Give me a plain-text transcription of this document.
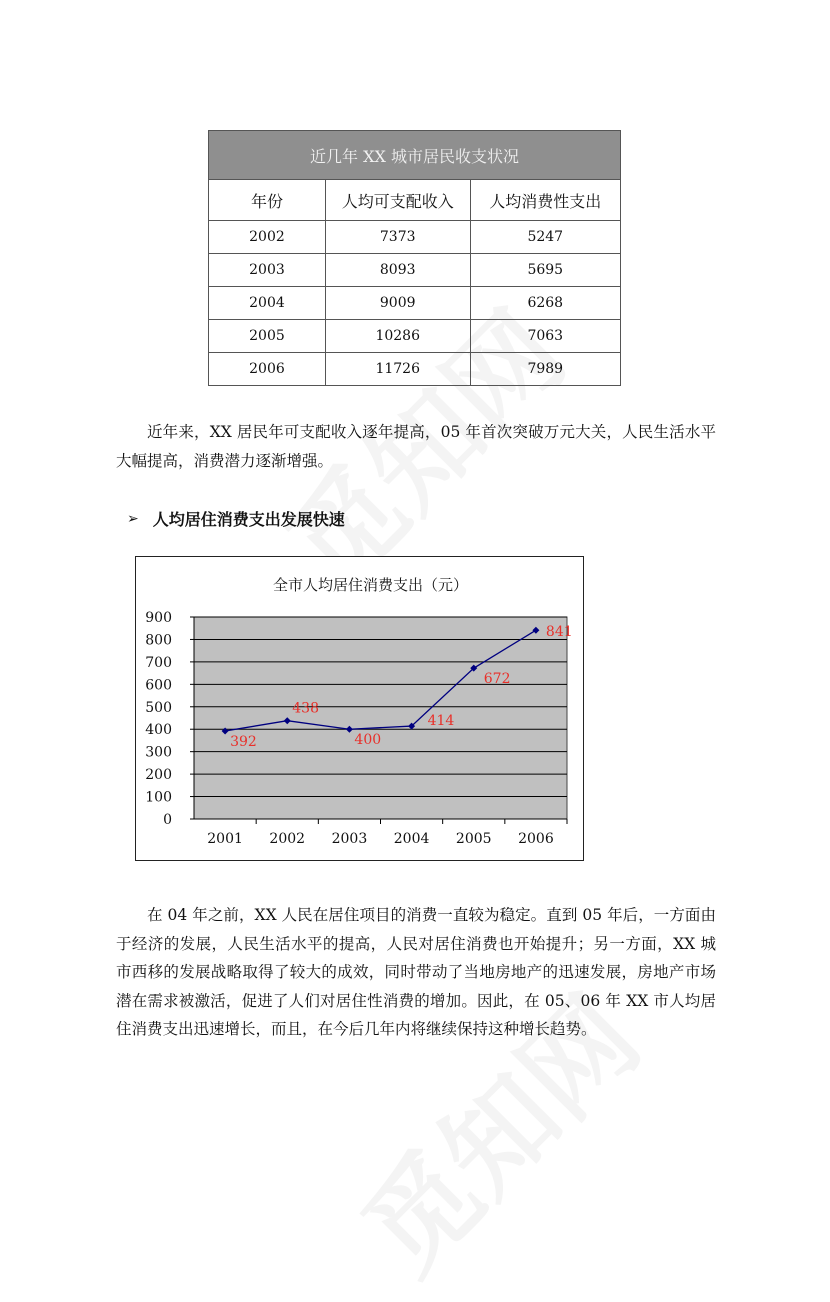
近几年 XX 城市居民收支状况		
年份	人均可支配收入	人均消费性支出
2002	7373	5247
2003	8093	5695
2004	9009	6268
2005	10286	7063
2006	11726	7989

近年来，XX 居民年可支配收入逐年提高，05 年首次突破万元大关，人民生活水平大幅提高，消费潜力逐渐增强。

➢ 人均居住消费支出发展快速
全市人均居住消费支出（元）
0
100
200
300
400
500
600
700
800
900
2001 2002 2003 2004 2005 2006
392
438
400
414
672
841

在 04 年之前，XX 人民在居住项目的消费一直较为稳定。直到 05 年后，一方面由于经济的发展，人民生活水平的提高，人民对居住消费也开始提升；另一方面，XX 城市西移的发展战略取得了较大的成效，同时带动了当地房地产的迅速发展，房地产市场潜在需求被激活，促进了人们对居住性消费的增加。因此，在 05、06 年 XX 市人均居住消费支出迅速增长，而且，在今后几年内将继续保持这种增长趋势。
